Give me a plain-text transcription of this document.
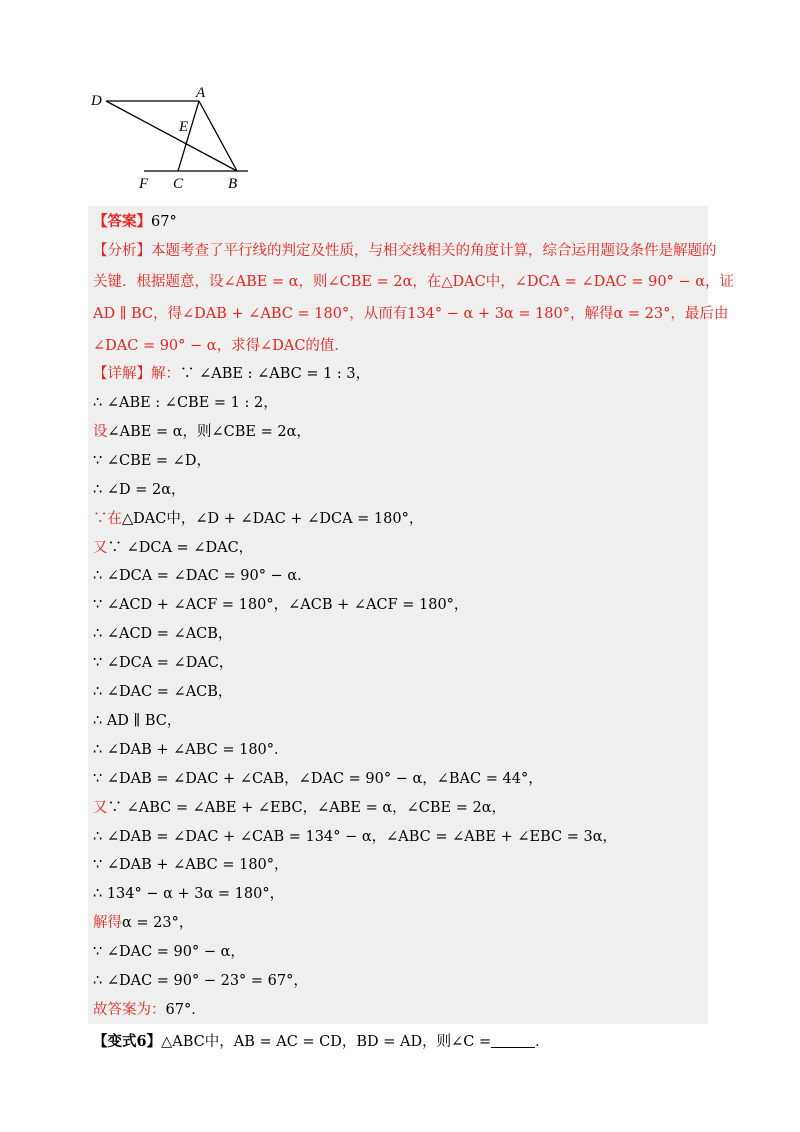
D	A
E
F C	B
【答案】67°
【分析】本题考查了平行线的判定及性质，与相交线相关的角度计算，综合运用题设条件是解题的
关键．根据题意，设∠ABE = α，则∠CBE = 2α，在△DAC中，∠DCA = ∠DAC = 90° − α，证
AD ∥ BC，得∠DAB + ∠ABC = 180°，从而有134° − α + 3α = 180°，解得α = 23°，最后由
∠DAC = 90° − α，求得∠DAC的值．
【详解】解：∵ ∠ABE : ∠ABC = 1 : 3，
∴ ∠ABE : ∠CBE = 1 : 2，
设∠ABE = α，则∠CBE = 2α，
∵ ∠CBE = ∠D，
∴ ∠D = 2α，
∵在△DAC中，∠D + ∠DAC + ∠DCA = 180°，
又∵ ∠DCA = ∠DAC，
∴ ∠DCA = ∠DAC = 90° − α．
∵ ∠ACD + ∠ACF = 180°，∠ACB + ∠ACF = 180°，
∴ ∠ACD = ∠ACB，
∵ ∠DCA = ∠DAC，
∴ ∠DAC = ∠ACB，
∴ AD ∥ BC，
∴ ∠DAB + ∠ABC = 180°．
∵ ∠DAB = ∠DAC + ∠CAB，∠DAC = 90° − α，∠BAC = 44°，
又∵ ∠ABC = ∠ABE + ∠EBC，∠ABE = α，∠CBE = 2α，
∴ ∠DAB = ∠DAC + ∠CAB = 134° − α，∠ABC = ∠ABE + ∠EBC = 3α，
∵ ∠DAB + ∠ABC = 180°，
∴ 134° − α + 3α = 180°，
解得α = 23°，
∵ ∠DAC = 90° − α，
∴ ∠DAC = 90° − 23° = 67°，
故答案为：67°．
【变式6】△ABC中，AB = AC = CD，BD = AD，则∠C =	．
